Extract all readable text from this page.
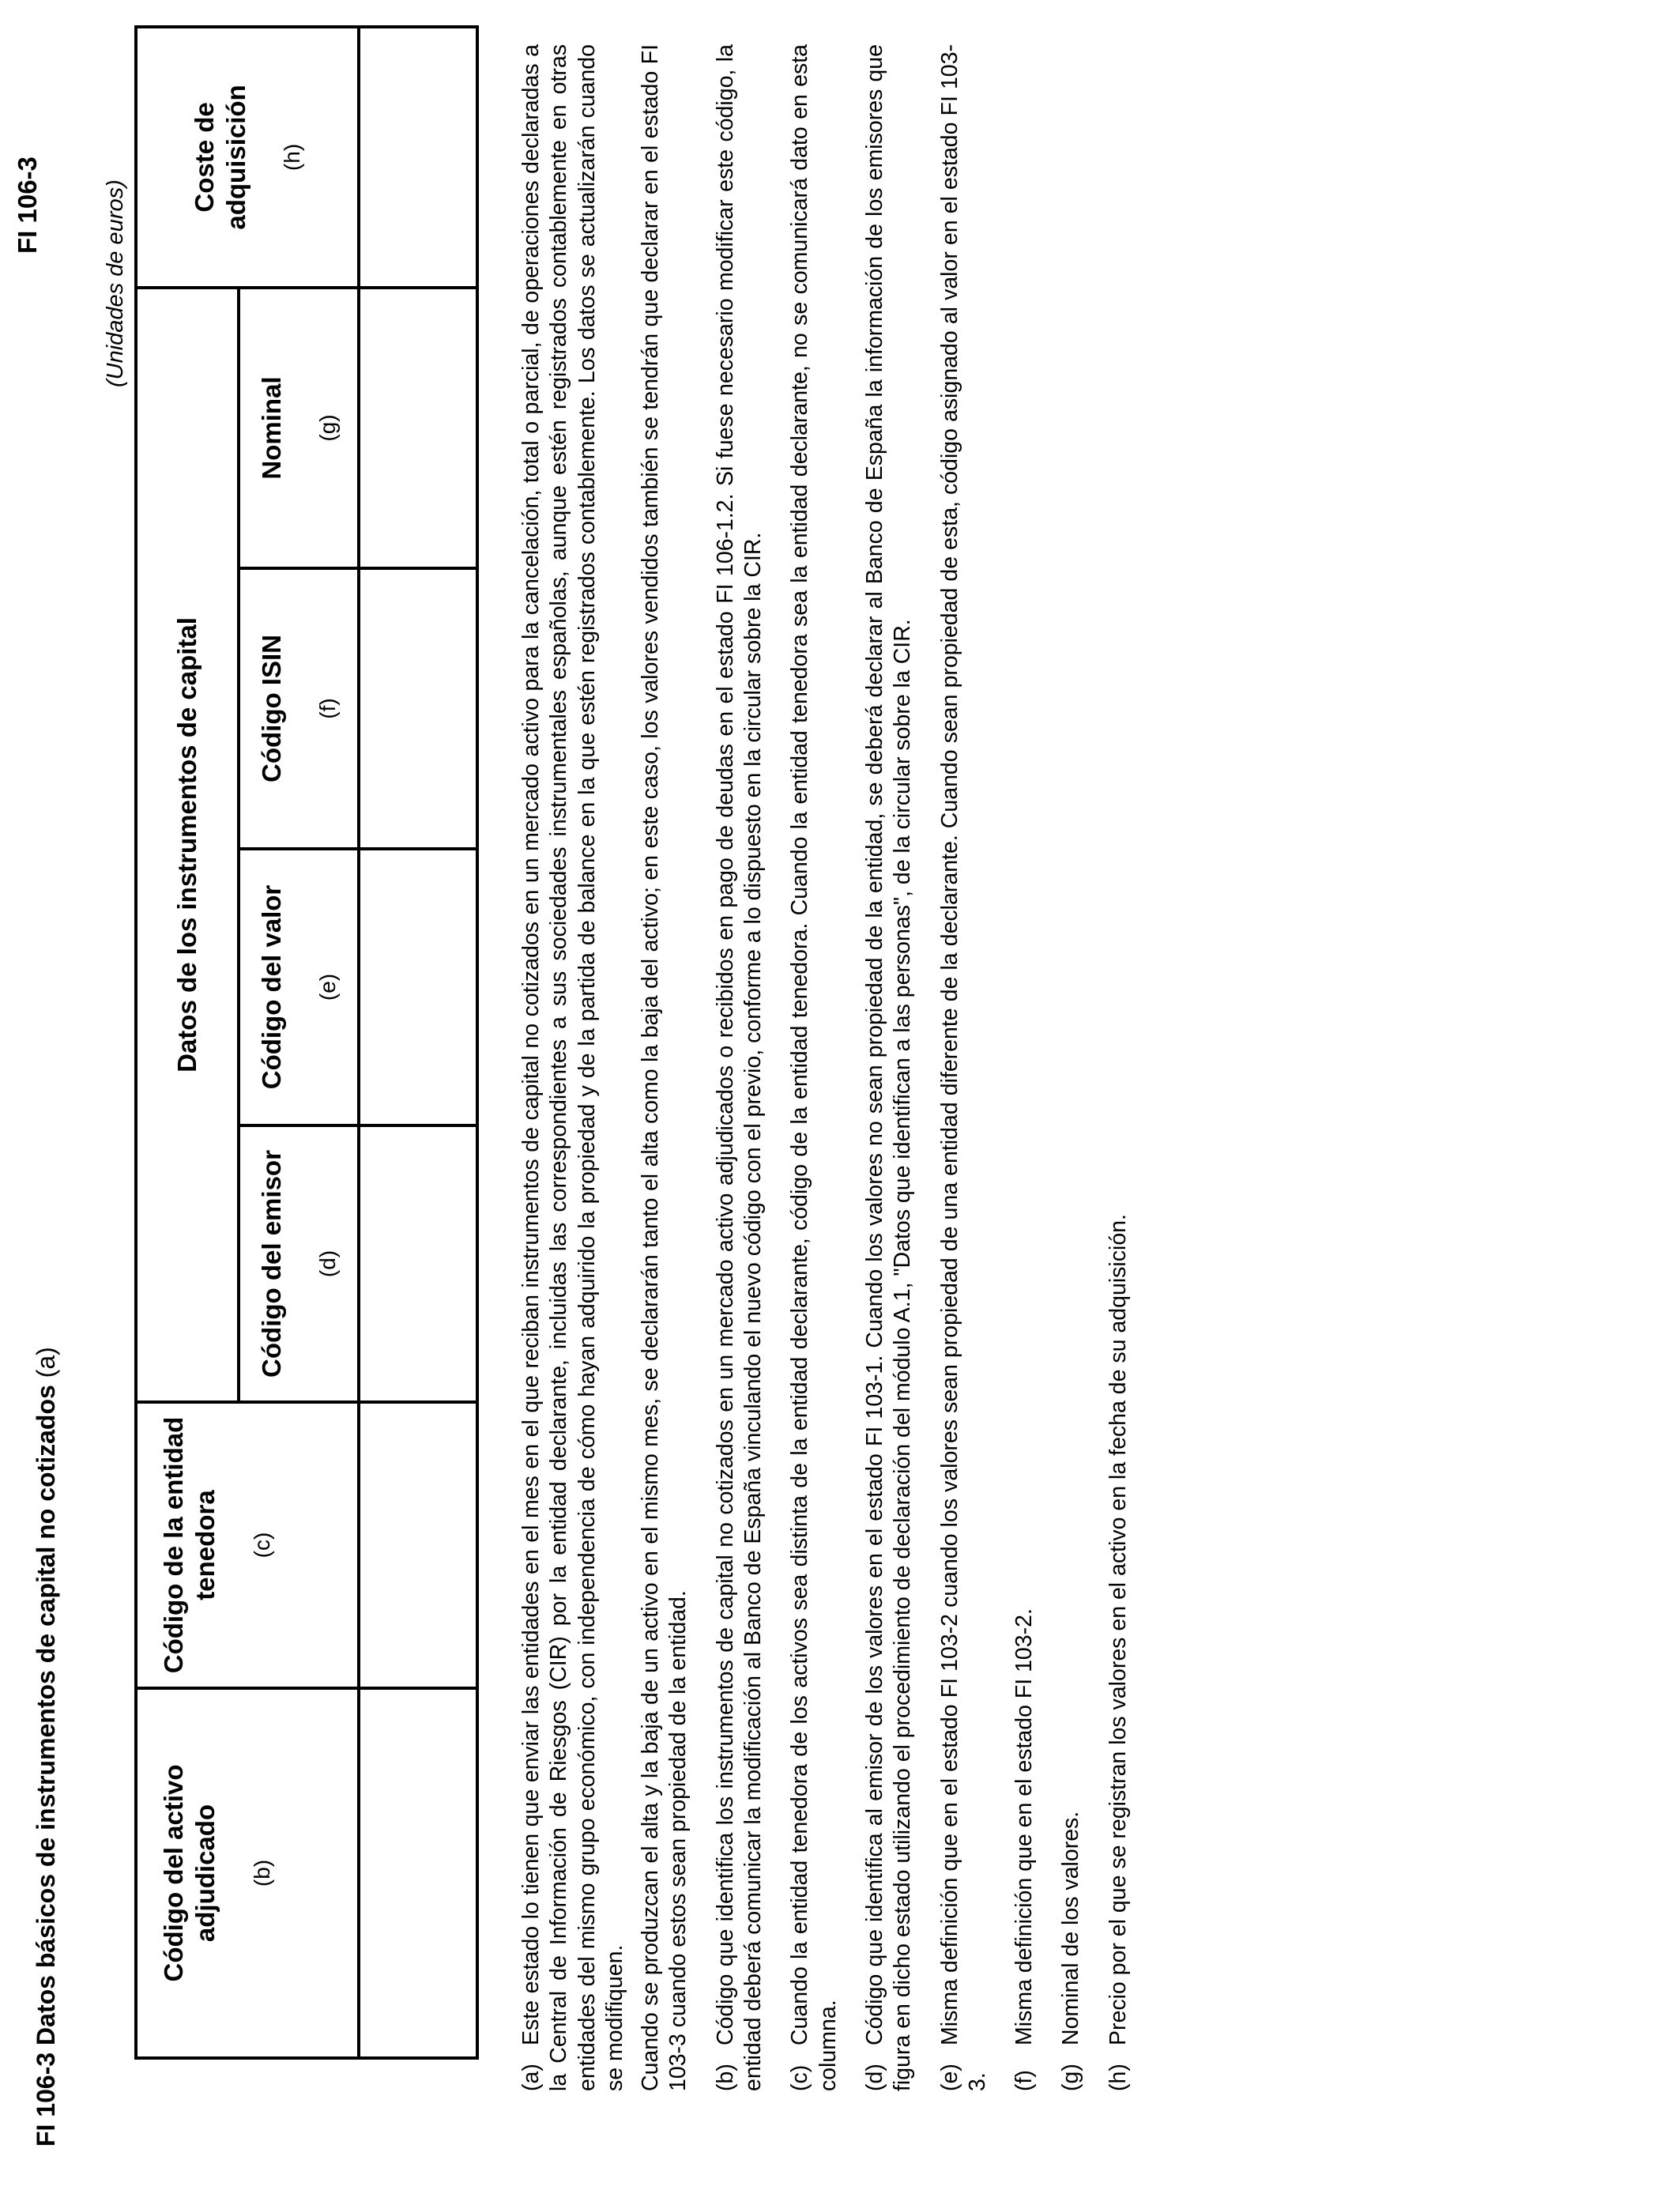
FI 106-3
FI 106-3 Datos básicos de instrumentos de capital no cotizados (a)
(Unidades de euros)
Código del activo adjudicado (b)	Código de la entidad tenedora (c)	Datos de los instrumentos de capital				Coste de adquisición (h)

		Código del emisor (d)	Código del valor (e)	Código ISIN (f)	Nominal (g)	

(a)Este estado lo tienen que enviar las entidades en el mes en el que reciban instrumentos de capital no cotizados en un mercado activo para la cancelación, total o parcial, de operaciones declaradas a la Central de Información de Riesgos (CIR) por la entidad declarante, incluidas las correspondientes a sus sociedades instrumentales españolas, aunque estén registrados contablemente en otras entidades del mismo grupo económico, con independencia de cómo hayan adquirido la propiedad y de la partida de balance en la que estén registrados contablemente. Los datos se actualizarán cuando se modifiquen. Cuando se produzcan el alta y la baja de un activo en el mismo mes, se declararán tanto el alta como la baja del activo; en este caso, los valores vendidos también se tendrán que declarar en el estado FI 103-3 cuando estos sean propiedad de la entidad. (b)Código que identifica los instrumentos de capital no cotizados en un mercado activo adjudicados o recibidos en pago de deudas en el estado FI 106-1.2. Si fuese necesario modificar este código, la entidad deberá comunicar la modificación al Banco de España vinculando el nuevo código con el previo, conforme a lo dispuesto en la circular sobre la CIR. (c)Cuando la entidad tenedora de los activos sea distinta de la entidad declarante, código de la entidad tenedora. Cuando la entidad tenedora sea la entidad declarante, no se comunicará dato en esta columna. (d)Código que identifica al emisor de los valores en el estado FI 103-1. Cuando los valores no sean propiedad de la entidad, se deberá declarar al Banco de España la información de los emisores que figura en dicho estado utilizando el procedimiento de declaración del módulo A.1, "Datos que identifican a las personas", de la circular sobre la CIR. (e)Misma definición que en el estado FI 103-2 cuando los valores sean propiedad de una entidad diferente de la declarante. Cuando sean propiedad de esta, código asignado al valor en el estado FI 103-3. (f)Misma definición que en el estado FI 103-2.

(g)Nominal de los valores.

(h)Precio por el que se registran los valores en el activo en la fecha de su adquisición.
